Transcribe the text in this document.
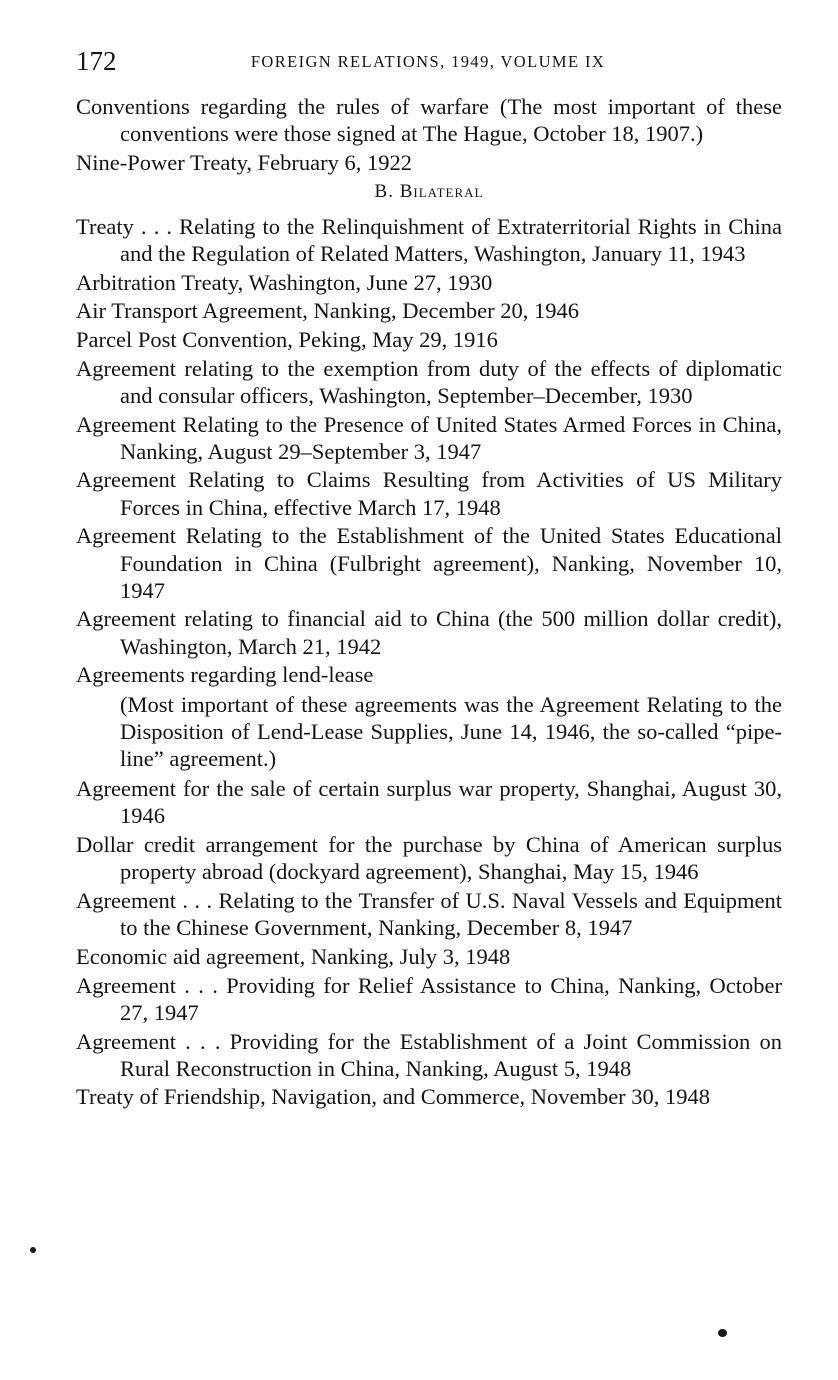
172	FOREIGN RELATIONS, 1949, VOLUME IX

Conventions regarding the rules of warfare (The most important of these conventions were those signed at The Hague, October 18, 1907.)

Nine-Power Treaty, February 6, 1922

B. Bilateral

Treaty . . . Relating to the Relinquishment of Extraterritorial Rights in China and the Regulation of Related Matters, Washington, January 11, 1943

Arbitration Treaty, Washington, June 27, 1930

Air Transport Agreement, Nanking, December 20, 1946

Parcel Post Convention, Peking, May 29, 1916

Agreement relating to the exemption from duty of the effects of diplomatic and consular officers, Washington, September–December, 1930

Agreement Relating to the Presence of United States Armed Forces in China, Nanking, August 29–September 3, 1947

Agreement Relating to Claims Resulting from Activities of US Military Forces in China, effective March 17, 1948

Agreement Relating to the Establishment of the United States Educational Foundation in China (Fulbright agreement), Nanking, November 10, 1947

Agreement relating to financial aid to China (the 500 million dollar credit), Washington, March 21, 1942

Agreements regarding lend-lease

(Most important of these agreements was the Agreement Relating to the Disposition of Lend-Lease Supplies, June 14, 1946, the so-called “pipe-line” agreement.)

Agreement for the sale of certain surplus war property, Shanghai, August 30, 1946

Dollar credit arrangement for the purchase by China of American surplus property abroad (dockyard agreement), Shanghai, May 15, 1946

Agreement . . . Relating to the Transfer of U.S. Naval Vessels and Equipment to the Chinese Government, Nanking, December 8, 1947

Economic aid agreement, Nanking, July 3, 1948

Agreement . . . Providing for Relief Assistance to China, Nanking, October 27, 1947

Agreement . . . Providing for the Establishment of a Joint Commission on Rural Reconstruction in China, Nanking, August 5, 1948

Treaty of Friendship, Navigation, and Commerce, November 30, 1948
